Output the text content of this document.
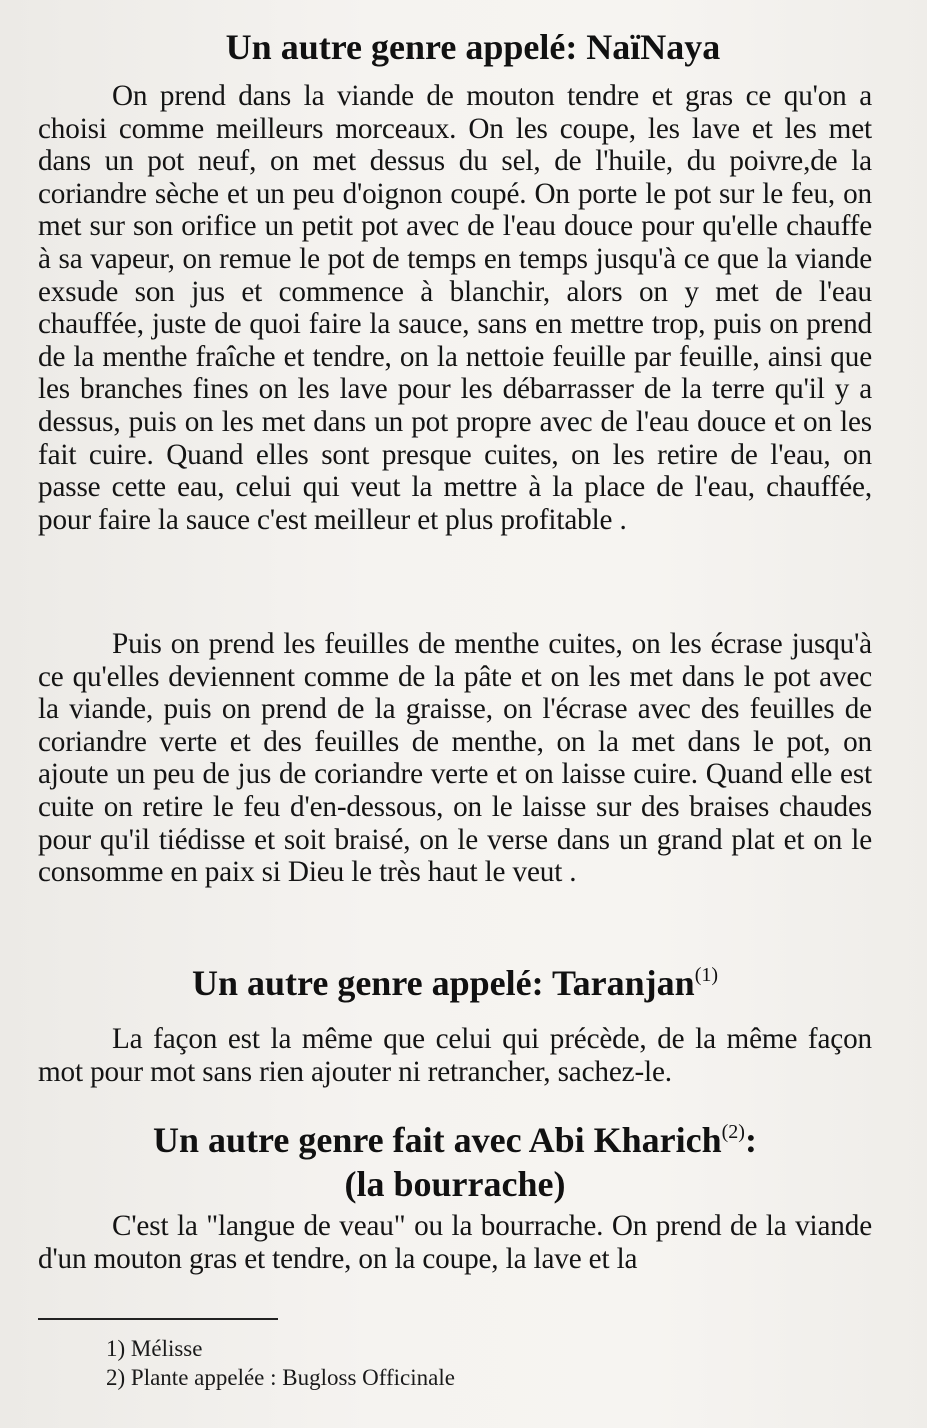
Un autre genre appelé: NaïNaya

On prend dans la viande de mouton tendre et gras ce qu'on a choisi comme meilleurs morceaux. On les coupe, les lave et les met dans un pot neuf, on met dessus du sel, de l'huile, du poivre,de la coriandre sèche et un peu d'oignon coupé. On porte le pot sur le feu, on met sur son orifice un petit pot avec de l'eau douce pour qu'elle chauffe à sa vapeur, on remue le pot de temps en temps jusqu'à ce que la viande exsude son jus et commence à blanchir, alors on y met de l'eau chauffée, juste de quoi faire la sauce, sans en mettre trop, puis on prend de la menthe fraîche et tendre, on la nettoie feuille par feuille, ainsi que les branches fines on les lave pour les débarrasser de la terre qu'il y a dessus, puis on les met dans un pot propre avec de l'eau douce et on les fait cuire. Quand elles sont presque cuites, on les retire de l'eau, on passe cette eau, celui qui veut la mettre à la place de l'eau, chauffée, pour faire la sauce c'est meilleur et plus profitable .

Puis on prend les feuilles de menthe cuites, on les écrase jusqu'à ce qu'elles deviennent comme de la pâte et on les met dans le pot avec la viande, puis on prend de la graisse, on l'écrase avec des feuilles de coriandre verte et des feuilles de menthe, on la met dans le pot, on ajoute un peu de jus de coriandre verte et on laisse cuire. Quand elle est cuite on retire le feu d'en-dessous, on le laisse sur des braises chaudes pour qu'il tiédisse et soit braisé, on le verse dans un grand plat et on le consomme en paix si Dieu le très haut le veut .

Un autre genre appelé: Taranjan$^{(1)}$

La façon est la même que celui qui précède, de la même façon mot pour mot sans rien ajouter ni retrancher, sachez-le.

Un autre genre fait avec Abi Kharich$^{(2)}$:
(la bourrache)

C'est la "langue de veau" ou la bourrache. On prend de la viande d'un mouton gras et tendre, on la coupe, la lave et la

1) Mélisse
2) Plante appelée : Bugloss Officinale
